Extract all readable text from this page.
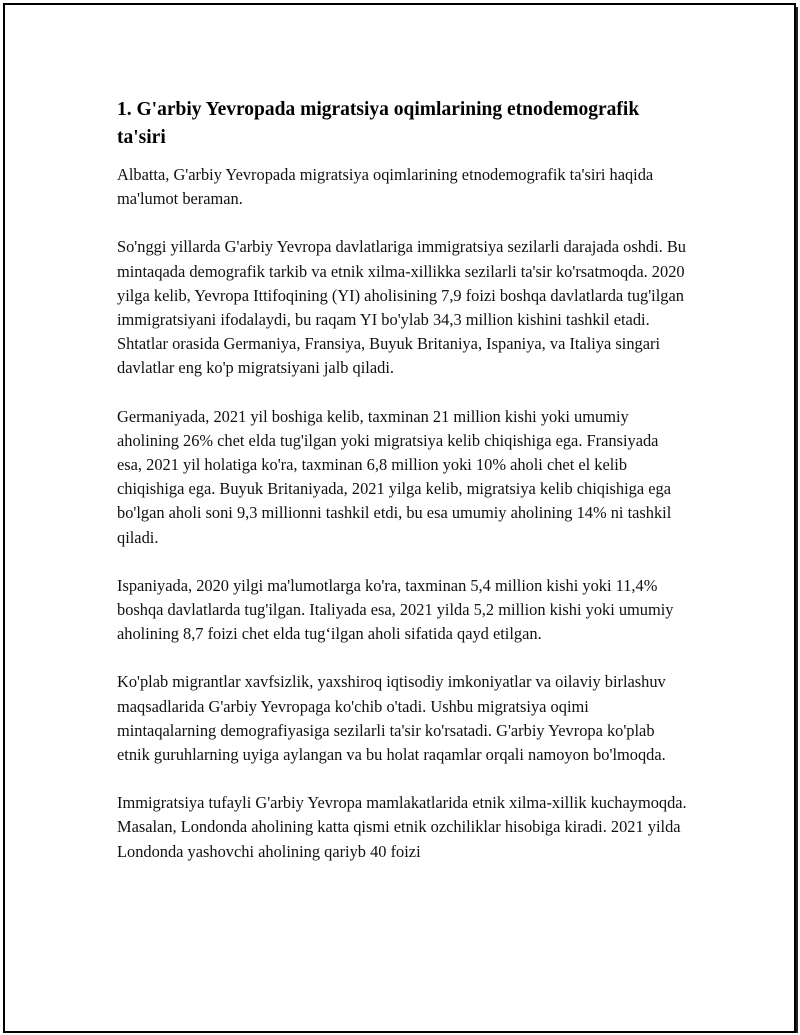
1. G'arbiy Yevropada migratsiya oqimlarining etnodemografik ta'siri

Albatta, G'arbiy Yevropada migratsiya oqimlarining etnodemografik ta'siri haqida ma'lumot beraman.

So'nggi yillarda G'arbiy Yevropa davlatlariga immigratsiya sezilarli darajada oshdi. Bu mintaqada demografik tarkib va etnik xilma-xillikka sezilarli ta'sir ko'rsatmoqda. 2020 yilga kelib, Yevropa Ittifoqining (YI) aholisining 7,9 foizi boshqa davlatlarda tug'ilgan immigratsiyani ifodalaydi, bu raqam YI bo'ylab 34,3 million kishini tashkil etadi. Shtatlar orasida Germaniya, Fransiya, Buyuk Britaniya, Ispaniya, va Italiya singari davlatlar eng ko'p migratsiyani jalb qiladi.

Germaniyada, 2021 yil boshiga kelib, taxminan 21 million kishi yoki umumiy aholining 26% chet elda tug'ilgan yoki migratsiya kelib chiqishiga ega. Fransiyada esa, 2021 yil holatiga ko'ra, taxminan 6,8 million yoki 10% aholi chet el kelib chiqishiga ega. Buyuk Britaniyada, 2021 yilga kelib, migratsiya kelib chiqishiga ega bo'lgan aholi soni 9,3 millionni tashkil etdi, bu esa umumiy aholining 14% ni tashkil qiladi.

Ispaniyada, 2020 yilgi ma'lumotlarga ko'ra, taxminan 5,4 million kishi yoki 11,4% boshqa davlatlarda tug'ilgan. Italiyada esa, 2021 yilda 5,2 million kishi yoki umumiy aholining 8,7 foizi chet elda tug‘ilgan aholi sifatida qayd etilgan.

Ko'plab migrantlar xavfsizlik, yaxshiroq iqtisodiy imkoniyatlar va oilaviy birlashuv maqsadlarida G'arbiy Yevropaga ko'chib o'tadi. Ushbu migratsiya oqimi mintaqalarning demografiyasiga sezilarli ta'sir ko'rsatadi. G'arbiy Yevropa ko'plab etnik guruhlarning uyiga aylangan va bu holat raqamlar orqali namoyon bo'lmoqda.

Immigratsiya tufayli G'arbiy Yevropa mamlakatlarida etnik xilma-xillik kuchaymoqda. Masalan, Londonda aholining katta qismi etnik ozchiliklar hisobiga kiradi. 2021 yilda Londonda yashovchi aholining qariyb 40 foizi
